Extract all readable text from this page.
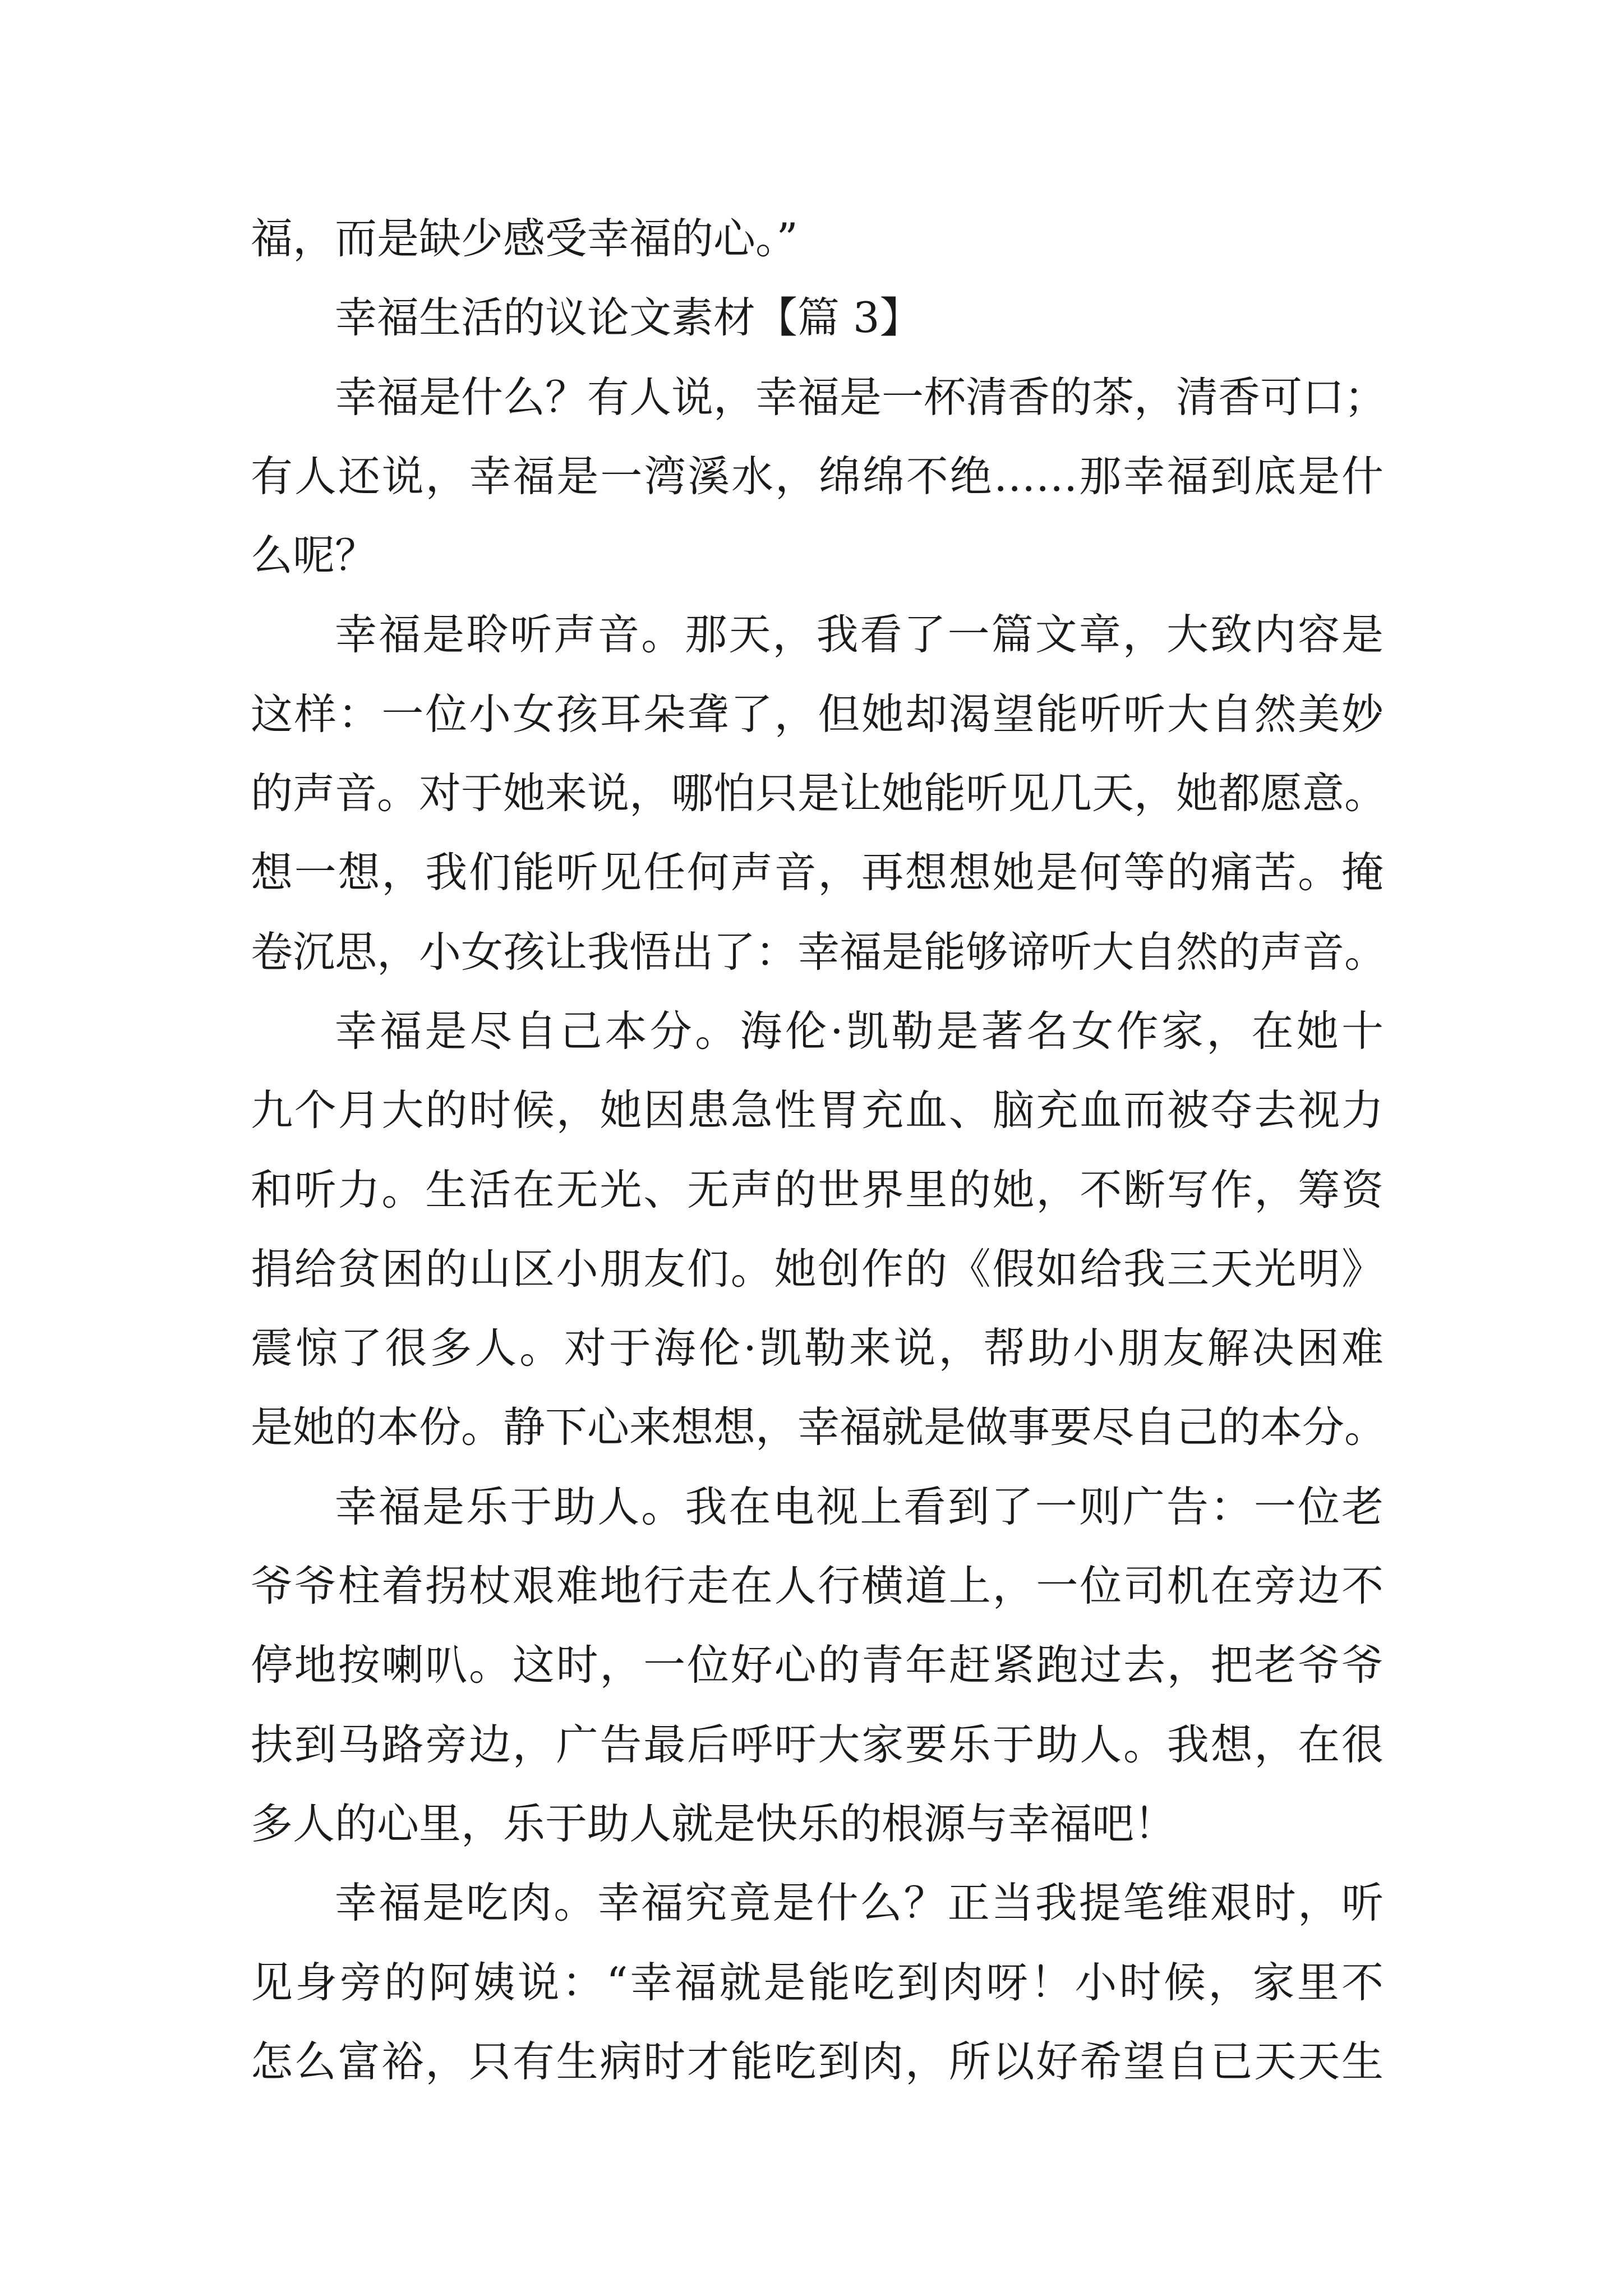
福，而是缺少感受幸福的心。”
幸福生活的议论文素材【篇 3】
幸福是什么？有人说，幸福是一杯清香的茶，清香可口；
有人还说，幸福是一湾溪水，绵绵不绝……那幸福到底是什
么呢？
幸福是聆听声音。那天，我看了一篇文章，大致内容是
这样：一位小女孩耳朵聋了，但她却渴望能听听大自然美妙
的声音。对于她来说，哪怕只是让她能听见几天，她都愿意。
想一想，我们能听见任何声音，再想想她是何等的痛苦。掩
卷沉思，小女孩让我悟出了：幸福是能够谛听大自然的声音。
幸福是尽自己本分。海伦·凯勒是著名女作家，在她十
九个月大的时候，她因患急性胃充血、脑充血而被夺去视力
和听力。生活在无光、无声的世界里的她，不断写作，筹资
捐给贫困的山区小朋友们。她创作的《假如给我三天光明》
震惊了很多人。对于海伦·凯勒来说，帮助小朋友解决困难
是她的本份。静下心来想想，幸福就是做事要尽自己的本分。
幸福是乐于助人。我在电视上看到了一则广告：一位老
爷爷柱着拐杖艰难地行走在人行横道上，一位司机在旁边不
停地按喇叭。这时，一位好心的青年赶紧跑过去，把老爷爷
扶到马路旁边，广告最后呼吁大家要乐于助人。我想，在很
多人的心里，乐于助人就是快乐的根源与幸福吧！
幸福是吃肉。幸福究竟是什么？正当我提笔维艰时，听
见身旁的阿姨说：“幸福就是能吃到肉呀！小时候，家里不
怎么富裕，只有生病时才能吃到肉，所以好希望自已天天生
